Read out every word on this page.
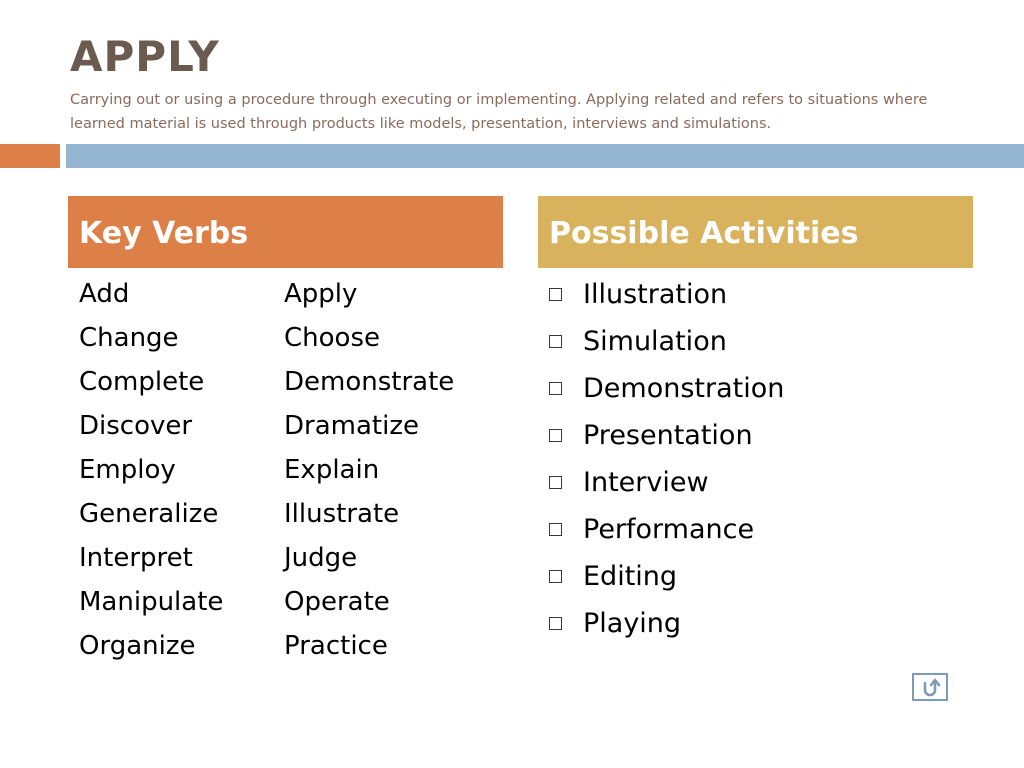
APPLY

Carrying out or using a procedure through executing or implementing. Applying related and refers to situations where learned material is used through products like models, presentation, interviews and simulations.

Key Verbs	Possible Activities
Add
Change
Complete
Discover
Employ
Generalize
Interpret
Manipulate
Organize
Apply
Choose
Demonstrate
Dramatize
Explain
Illustrate
Judge
Operate
Practice
Illustration
Simulation
Demonstration
Presentation
Interview
Performance
Editing
Playing
